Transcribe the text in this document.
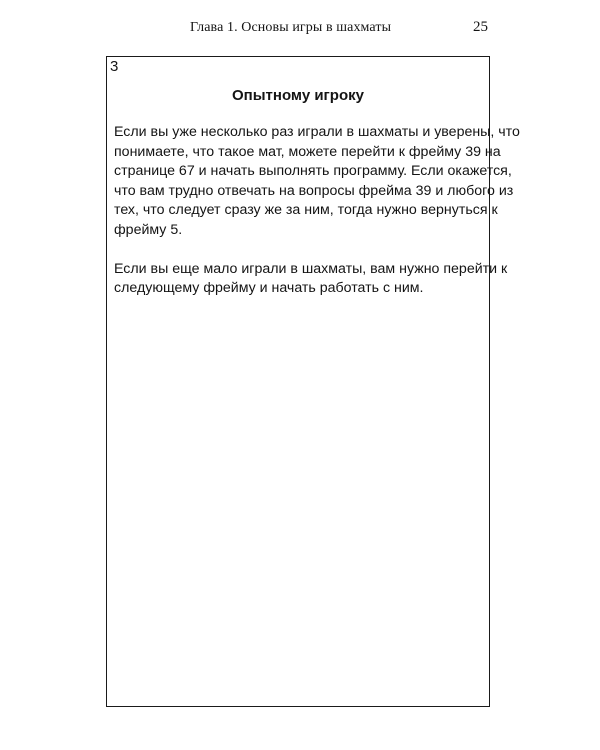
Глава 1. Основы игры в шахматы	25
3
Опытному игроку

Если вы уже несколько раз играли в шахматы и уверены, что
понимаете, что такое мат, можете перейти к фрейму 39 на
странице 67 и начать выполнять программу. Если окажется,
что вам трудно отвечать на вопросы фрейма 39 и любого из
тех, что следует сразу же за ним, тогда нужно вернуться к
фрейму 5.

Если вы еще мало играли в шахматы, вам нужно перейти к
следующему фрейму и начать работать с ним.
